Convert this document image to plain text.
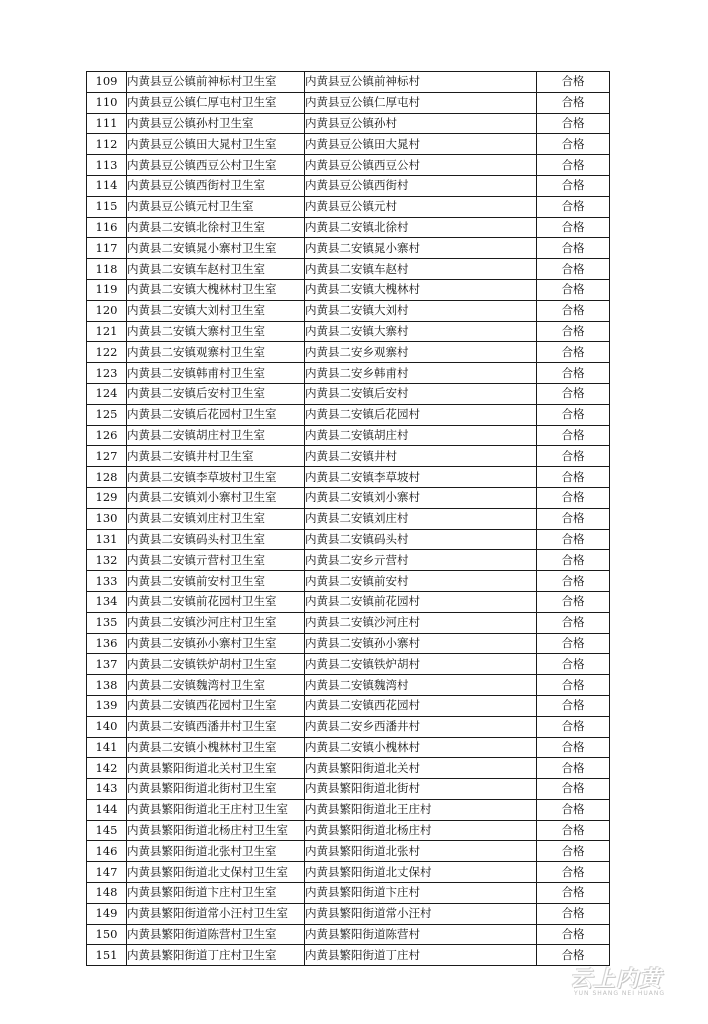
109	内黄县豆公镇前神标村卫生室	内黄县豆公镇前神标村	合格
110	内黄县豆公镇仁厚屯村卫生室	内黄县豆公镇仁厚屯村	合格
111	内黄县豆公镇孙村卫生室	内黄县豆公镇孙村	合格
112	内黄县豆公镇田大晁村卫生室	内黄县豆公镇田大晁村	合格
113	内黄县豆公镇西豆公村卫生室	内黄县豆公镇西豆公村	合格
114	内黄县豆公镇西街村卫生室	内黄县豆公镇西街村	合格
115	内黄县豆公镇元村卫生室	内黄县豆公镇元村	合格
116	内黄县二安镇北徐村卫生室	内黄县二安镇北徐村	合格
117	内黄县二安镇晁小寨村卫生室	内黄县二安镇晁小寨村	合格
118	内黄县二安镇车赵村卫生室	内黄县二安镇车赵村	合格
119	内黄县二安镇大槐林村卫生室	内黄县二安镇大槐林村	合格
120	内黄县二安镇大刘村卫生室	内黄县二安镇大刘村	合格
121	内黄县二安镇大寨村卫生室	内黄县二安镇大寨村	合格
122	内黄县二安镇观寨村卫生室	内黄县二安乡观寨村	合格
123	内黄县二安镇韩甫村卫生室	内黄县二安乡韩甫村	合格
124	内黄县二安镇后安村卫生室	内黄县二安镇后安村	合格
125	内黄县二安镇后花园村卫生室	内黄县二安镇后花园村	合格
126	内黄县二安镇胡庄村卫生室	内黄县二安镇胡庄村	合格
127	内黄县二安镇井村卫生室	内黄县二安镇井村	合格
128	内黄县二安镇李草坡村卫生室	内黄县二安镇李草坡村	合格
129	内黄县二安镇刘小寨村卫生室	内黄县二安镇刘小寨村	合格
130	内黄县二安镇刘庄村卫生室	内黄县二安镇刘庄村	合格
131	内黄县二安镇码头村卫生室	内黄县二安镇码头村	合格
132	内黄县二安镇亓营村卫生室	内黄县二安乡亓营村	合格
133	内黄县二安镇前安村卫生室	内黄县二安镇前安村	合格
134	内黄县二安镇前花园村卫生室	内黄县二安镇前花园村	合格
135	内黄县二安镇沙河庄村卫生室	内黄县二安镇沙河庄村	合格
136	内黄县二安镇孙小寨村卫生室	内黄县二安镇孙小寨村	合格
137	内黄县二安镇铁炉胡村卫生室	内黄县二安镇铁炉胡村	合格
138	内黄县二安镇魏湾村卫生室	内黄县二安镇魏湾村	合格
139	内黄县二安镇西花园村卫生室	内黄县二安镇西花园村	合格
140	内黄县二安镇西潘井村卫生室	内黄县二安乡西潘井村	合格
141	内黄县二安镇小槐林村卫生室	内黄县二安镇小槐林村	合格
142	内黄县繁阳街道北关村卫生室	内黄县繁阳街道北关村	合格
143	内黄县繁阳街道北街村卫生室	内黄县繁阳街道北街村	合格
144	内黄县繁阳街道北王庄村卫生室	内黄县繁阳街道北王庄村	合格
145	内黄县繁阳街道北杨庄村卫生室	内黄县繁阳街道北杨庄村	合格
146	内黄县繁阳街道北张村卫生室	内黄县繁阳街道北张村	合格
147	内黄县繁阳街道北丈保村卫生室	内黄县繁阳街道北丈保村	合格
148	内黄县繁阳街道卞庄村卫生室	内黄县繁阳街道卞庄村	合格
149	内黄县繁阳街道常小汪村卫生室	内黄县繁阳街道常小汪村	合格
150	内黄县繁阳街道陈营村卫生室	内黄县繁阳街道陈营村	合格
151	内黄县繁阳街道丁庄村卫生室	内黄县繁阳街道丁庄村	合格
云上内黄
YUN SHANG NEI HUANG
